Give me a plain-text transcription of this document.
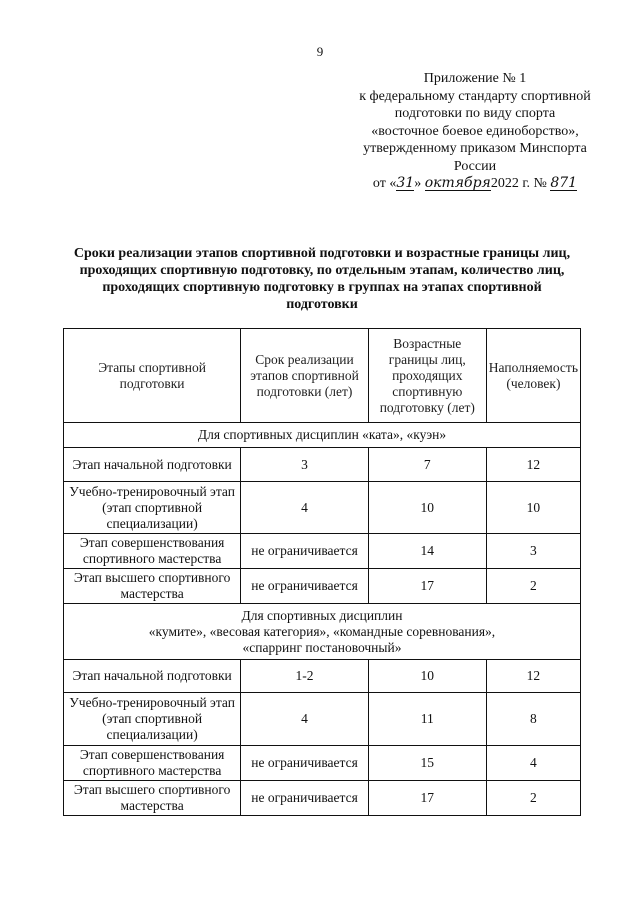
9
Приложение № 1
к федеральному стандарту спортивной
подготовки по виду спорта
«восточное боевое единоборство»,
утвержденному приказом Минспорта
России
от «31» октября2022 г. № 871
Сроки реализации этапов спортивной подготовки и возрастные границы лиц,
проходящих спортивную подготовку, по отдельным этапам, количество лиц,
проходящих спортивную подготовку в группах на этапах спортивной
подготовки
Этапы спортивной подготовки	Срок реализации этапов спортивной подготовки (лет)	Возрастные границы лиц, проходящих спортивную подготовку (лет)	Наполняемость (человек)
Для спортивных дисциплин «ката», «куэн»			
Этап начальной подготовки	3	7	12
Учебно-тренировочный этап (этап спортивной специализации)	4	10	10
Этап совершенствования спортивного мастерства	не ограничивается	14	3
Этап высшего спортивного мастерства	не ограничивается	17	2

Для спортивных дисциплин
«кумите», «весовая категория», «командные соревнования»,
«спарринг постановочный»			

Этап начальной подготовки	1-2	10	12
Учебно-тренировочный этап (этап спортивной специализации)	4	11	8
Этап совершенствования спортивного мастерства	не ограничивается	15	4
Этап высшего спортивного мастерства	не ограничивается	17	2
